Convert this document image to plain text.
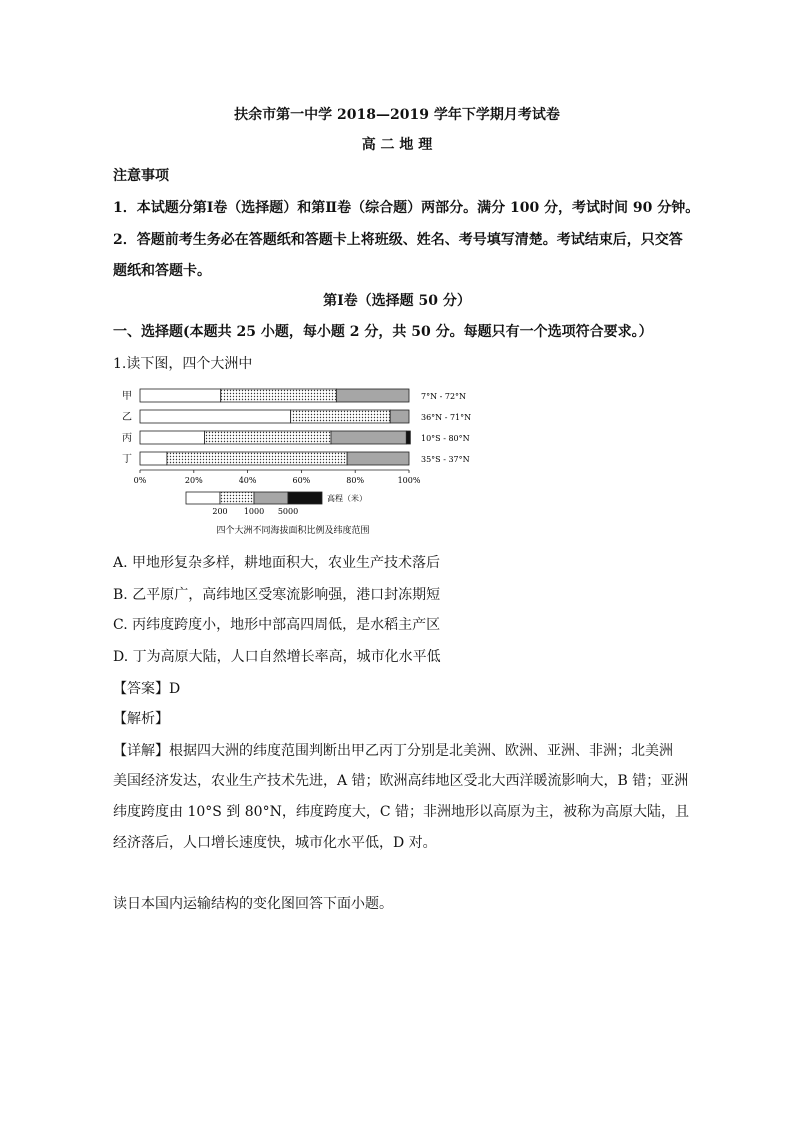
扶余市第一中学 2018—2019 学年下学期月考试卷
高 二 地 理
注意事项
1．本试题分第Ⅰ卷（选择题）和第Ⅱ卷（综合题）两部分。满分 100 分，考试时间 90 分钟。
2．答题前考生务必在答题纸和答题卡上将班级、姓名、考号填写清楚。考试结束后，只交答
题纸和答题卡。
第Ⅰ卷（选择题 50 分）
一、选择题(本题共 25 小题，每小题 2 分，共 50 分。每题只有一个选项符合要求。）
1.读下图，四个大洲中
甲	7°N - 72°N
乙	36°N - 71°N
丙	10°S - 80°N
丁	35°S - 37°N
0%	20%	40%	60%	80%	100%
高程（米）
200 1000 5000
四个大洲不同海拔面积比例及纬度范围
A. 甲地形复杂多样，耕地面积大，农业生产技术落后
B. 乙平原广，高纬地区受寒流影响强，港口封冻期短
C. 丙纬度跨度小，地形中部高四周低，是水稻主产区
D. 丁为高原大陆，人口自然增长率高，城市化水平低
【答案】D
【解析】
【详解】根据四大洲的纬度范围判断出甲乙丙丁分别是北美洲、欧洲、亚洲、非洲；北美洲
美国经济发达，农业生产技术先进，A 错；欧洲高纬地区受北大西洋暖流影响大，B 错；亚洲
纬度跨度由 10°S 到 80°N，纬度跨度大，C 错；非洲地形以高原为主，被称为高原大陆，且
经济落后，人口增长速度快，城市化水平低，D 对。
读日本国内运输结构的变化图回答下面小题。
